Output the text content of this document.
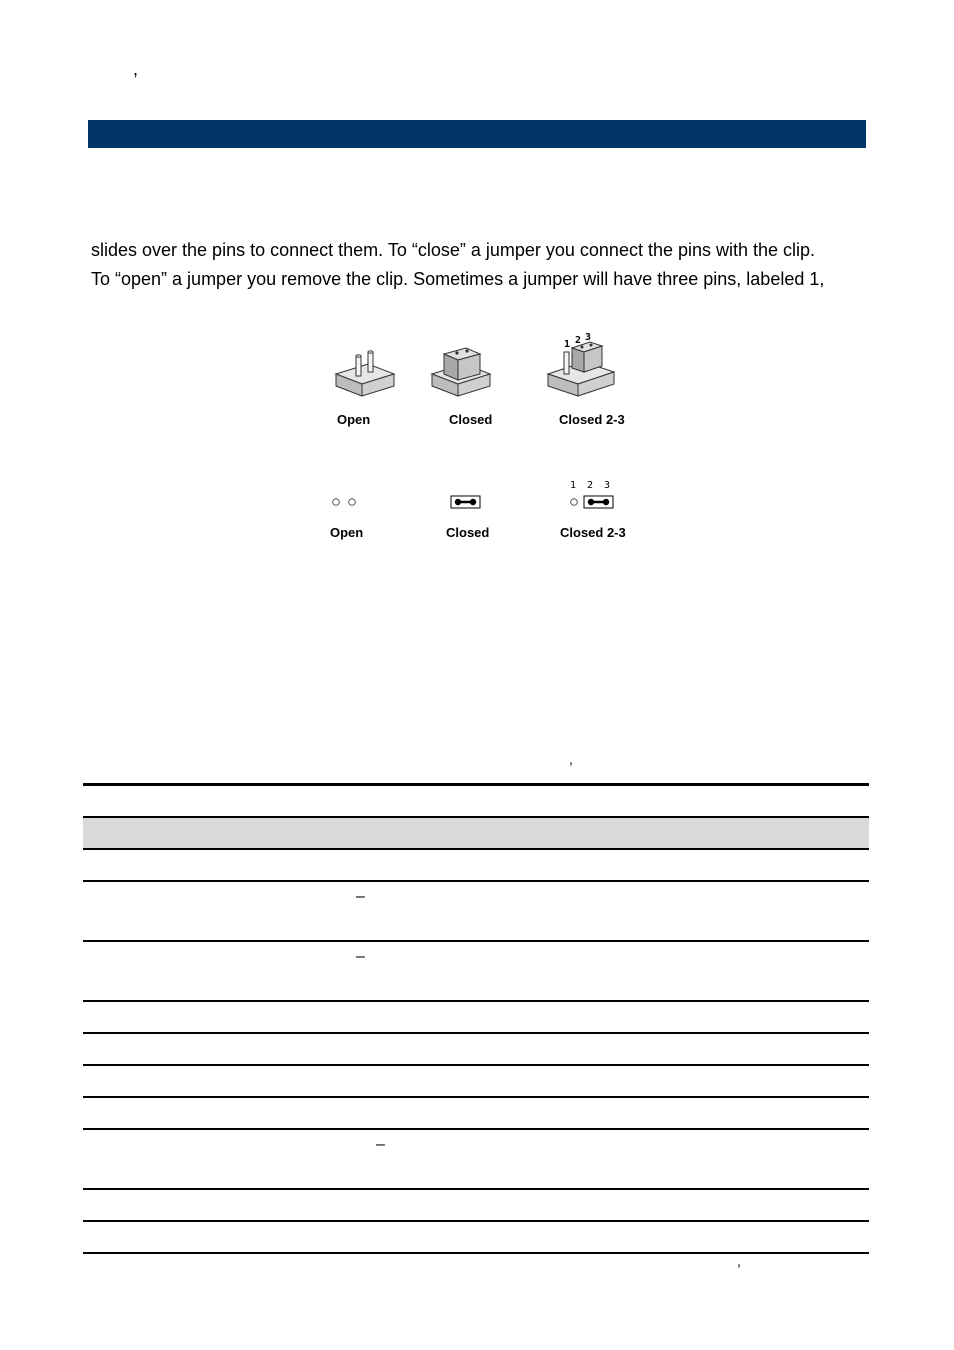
,
slides over the pins to connect them. To “close” a jumper you connect the pins with the clip.
To “open” a jumper you remove the clip. Sometimes a jumper will have three pins, labeled 1,
1 2 3
Open	Closed	Closed 2-3
1 2 3
Open	Closed	Closed 2-3
,
–
–
–
,
